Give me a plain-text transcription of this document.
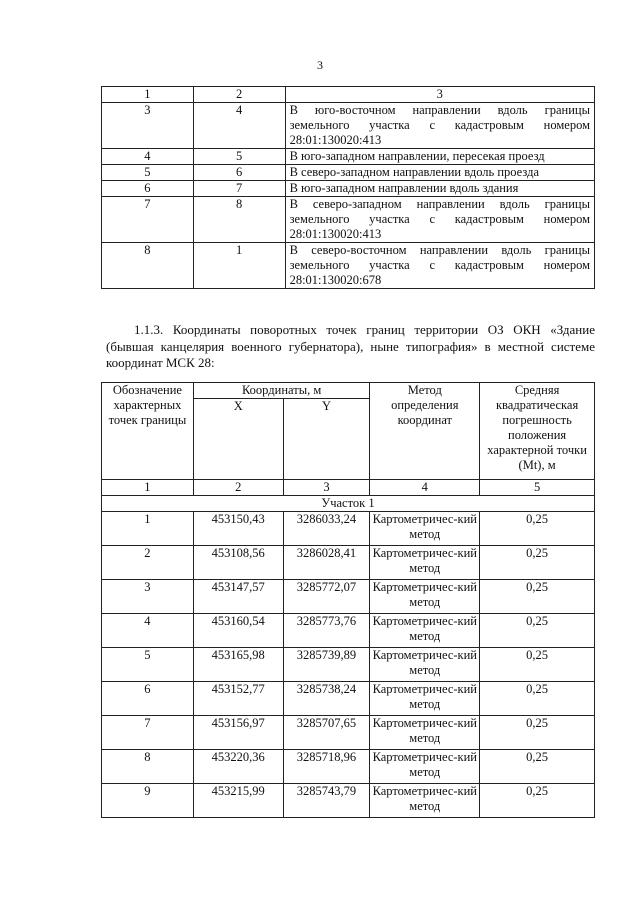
3
1	2	3
3	4	В юго-восточном направлении вдоль границы земельного участка с кадастровым номером 28:01:130020:413
4	5	В юго-западном направлении, пересекая проезд
5	6	В северо-западном направлении вдоль проезда
6	7	В юго-западном направлении вдоль здания
7	8	В северо-западном направлении вдоль границы земельного участка с кадастровым номером 28:01:130020:413
8	1	В северо-восточном направлении вдоль границы земельного участка с кадастровым номером 28:01:130020:678
1.1.3. Координаты поворотных точек границ территории ОЗ ОКН «Здание (бывшая канцелярия военного губернатора), ныне типография» в местной системе координат МСК 28:
Обозначение характерных точек границы	Координаты, м		Метод определения координат	Средняя квадратическая погрешность положения характерной точки (Mt), м
	X	Y		
1	2	3	4	5
Участок 1				
1	453150,43	3286033,24	Картометричес-кий метод	0,25
2	453108,56	3286028,41	Картометричес-кий метод	0,25
3	453147,57	3285772,07	Картометричес-кий метод	0,25
4	453160,54	3285773,76	Картометричес-кий метод	0,25
5	453165,98	3285739,89	Картометричес-кий метод	0,25
6	453152,77	3285738,24	Картометричес-кий метод	0,25
7	453156,97	3285707,65	Картометричес-кий метод	0,25
8	453220,36	3285718,96	Картометричес-кий метод	0,25
9	453215,99	3285743,79	Картометричес-кий метод	0,25
